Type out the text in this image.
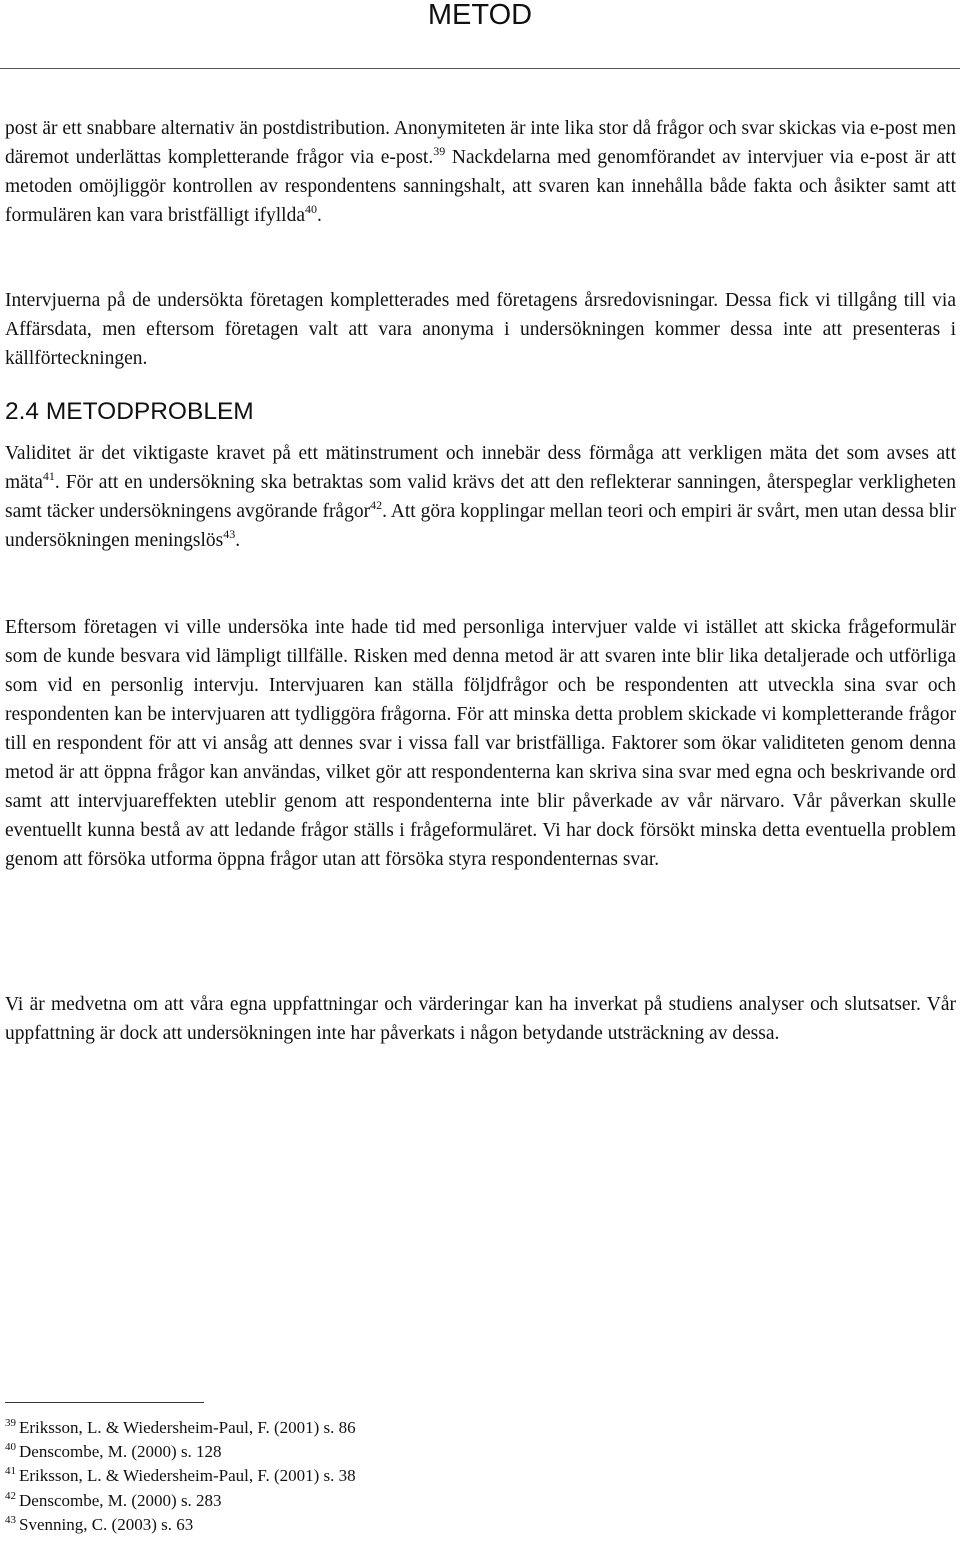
METOD

post är ett snabbare alternativ än postdistribution. Anonymiteten är inte lika stor då frågor och svar skickas via e-post men däremot underlättas kompletterande frågor via e-post.$^{39}$ Nackdelarna med genomförandet av intervjuer via e-post är att metoden omöjliggör kontrollen av respondentens sanningshalt, att svaren kan innehålla både fakta och åsikter samt att formulären kan vara bristfälligt ifyllda$^{40}$.

Intervjuerna på de undersökta företagen kompletterades med företagens årsredovisningar. Dessa fick vi tillgång till via Affärsdata, men eftersom företagen valt att vara anonyma i undersökningen kommer dessa inte att presenteras i källförteckningen.

2.4 METODPROBLEM

Validitet är det viktigaste kravet på ett mätinstrument och innebär dess förmåga att verkligen mäta det som avses att mäta$^{41}$. För att en undersökning ska betraktas som valid krävs det att den reflekterar sanningen, återspeglar verkligheten samt täcker undersökningens avgörande frågor$^{42}$. Att göra kopplingar mellan teori och empiri är svårt, men utan dessa blir undersökningen meningslös$^{43}$.

Eftersom företagen vi ville undersöka inte hade tid med personliga intervjuer valde vi istället att skicka frågeformulär som de kunde besvara vid lämpligt tillfälle. Risken med denna metod är att svaren inte blir lika detaljerade och utförliga som vid en personlig intervju. Intervjuaren kan ställa följdfrågor och be respondenten att utveckla sina svar och respondenten kan be intervjuaren att tydliggöra frågorna. För att minska detta problem skickade vi kompletterande frågor till en respondent för att vi ansåg att dennes svar i vissa fall var bristfälliga. Faktorer som ökar validiteten genom denna metod är att öppna frågor kan användas, vilket gör att respondenterna kan skriva sina svar med egna och beskrivande ord samt att intervjuareffekten uteblir genom att respondenterna inte blir påverkade av vår närvaro. Vår påverkan skulle eventuellt kunna bestå av att ledande frågor ställs i frågeformuläret. Vi har dock försökt minska detta eventuella problem genom att försöka utforma öppna frågor utan att försöka styra respondenternas svar.

Vi är medvetna om att våra egna uppfattningar och värderingar kan ha inverkat på studiens analyser och slutsatser. Vår uppfattning är dock att undersökningen inte har påverkats i någon betydande utsträckning av dessa.

$^{39}$ Eriksson, L. & Wiedersheim-Paul, F. (2001) s. 86
$^{40}$ Denscombe, M. (2000) s. 128
$^{41}$ Eriksson, L. & Wiedersheim-Paul, F. (2001) s. 38
$^{42}$ Denscombe, M. (2000) s. 283
$^{43}$ Svenning, C. (2003) s. 63
